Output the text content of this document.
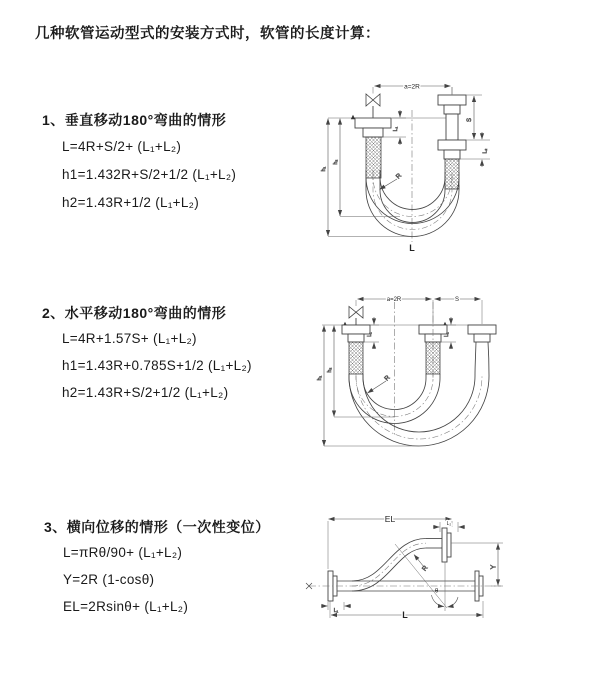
几种软管运动型式的安装方式时，软管的长度计算：
1、垂直移动180°弯曲的情形
L=4R+S/2+ (L₁+L₂)
h1=1.432R+S/2+1/2 (L₁+L₂)
h2=1.43R+1/2 (L₁+L₂)
2、水平移动180°弯曲的情形
L=4R+1.57S+ (L₁+L₂)
h1=1.43R+0.785S+1/2 (L₁+L₂)
h2=1.43R+S/2+1/2 (L₁+L₂)
3、横向位移的情形（一次性变位）
L=πRθ/90+ (L₁+L₂)
Y=2R (1-cosθ)
EL=2Rsinθ+ (L₁+L₂)
a=2R
L₁
S
L₂
h₁
h₂
R
L
a=2R	S
L₁	L₂
h₁
h₂
R
EL
L₂
θ
R	Y
L₁	L
